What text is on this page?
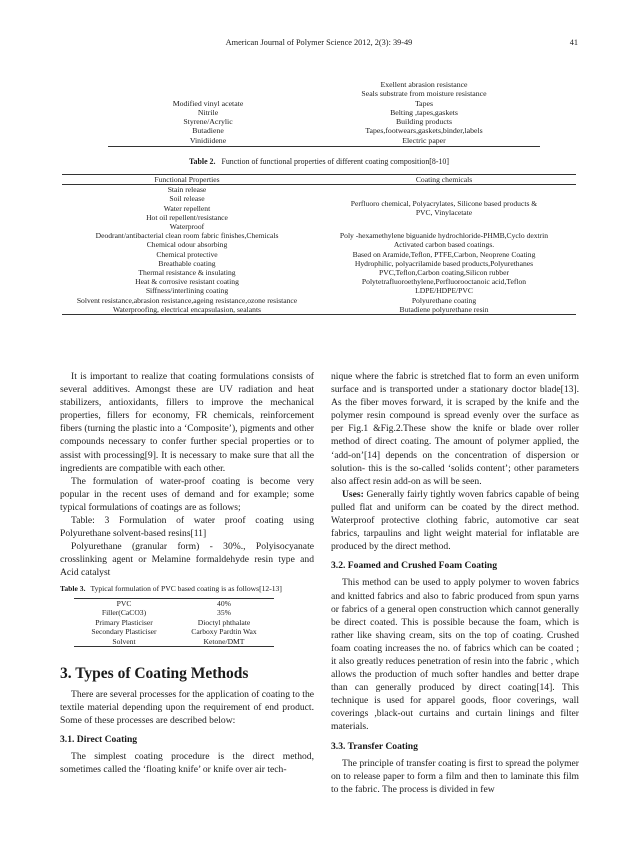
American Journal of Polymer Science 2012, 2(3): 39-49	41
Exellent abrasion resistance
Seals substrate from moisture resistance
Modified vinyl acetate	Tapes
Nitrile	Belting ,tapes,gaskets
Styrene/Acrylic	Building products
Butadiene	Tapes,footwears,gaskets,binder,labels
Vinidiidene	Electric paper
Table 2. Function of functional properties of different coating composition[8-10]
Functional Properties	Coating chemicals
Stain release
Soil release
Water repellent
Hot oil repellent/resistance
Waterproof
Perfluoro chemical, Polyacrylates, Silicone based products & PVC, Vinylacetate
Deodrant/antibacterial clean room fabric finishes,Chemicals	Poly -hexamethylene biguanide hydrochloride-PHMB,Cyclo dextrin
Chemical odour absorbing	Activated carbon based coatings.
Chemical protective	Based on Aramide,Teflon, PTFE,Carbon, Neoprene Coating
Breathable coating	Hydrophilic, polyacrilamide based products,Polyurethanes
Thermal resistance & insulating	PVC,Teflon,Carbon coating,Silicon rubber
Heat & corrosive resistant coating	Polytetrafluoroethylene,Perfluorooctanoic acid,Teflon
Siffness/interlining coating	LDPE/HDPE/PVC
Solvent resistance,abrasion resistance,ageing resistance,ozone resistance	Polyurethane coating
Waterproofing, electrical encapsulasion, sealants	Butadiene polyurethane resin

It is important to realize that coating formulations consists of several additives. Amongst these are UV radiation and heat stabilizers, antioxidants, fillers to improve the mechanical properties, fillers for economy, FR chemicals, reinforcement fibers (turning the plastic into a ‘Composite’), pigments and other compounds necessary to confer further special properties or to assist with processing[9]. It is necessary to make sure that all the ingredients are compatible with each other.

The formulation of water-proof coating is become very popular in the recent uses of demand and for example; some typical formulations of coatings are as follows;

Table: 3 Formulation of water proof coating using Polyurethane solvent-based resins[11]

Polyurethane (granular form) - 30%., Polyisocyanate crosslinking agent or Melamine formaldehyde resin type and Acid catalyst

Table 3. Typical formulation of PVC based coating is as follows[12-13]
PVC	40%
Filler(CaCO3)	35%
Primary Plasticiser	Dioctyl phthalate
Secondary Plasticiser	Carboxy Pardtin Wax
Solvent	Ketone/DMT
3. Types of Coating Methods

There are several processes for the application of coating to the textile material depending upon the requirement of end product. Some of these processes are described below:

3.1. Direct Coating

The simplest coating procedure is the direct method, sometimes called the ‘floating knife’ or knife over air tech-

nique where the fabric is stretched flat to form an even uniform surface and is transported under a stationary doctor blade[13]. As the fiber moves forward, it is scraped by the knife and the polymer resin compound is spread evenly over the surface as per Fig.1 &Fig.2.These show the knife or blade over roller method of direct coating. The amount of polymer applied, the ‘add-on’[14] depends on the concentration of dispersion or solution- this is the so-called ‘solids content’; other parameters also affect resin add-on as will be seen.

Uses: Generally fairly tightly woven fabrics capable of being pulled flat and uniform can be coated by the direct method. Waterproof protective clothing fabric, automotive car seat fabrics, tarpaulins and light weight material for inflatable are produced by the direct method.

3.2. Foamed and Crushed Foam Coating

This method can be used to apply polymer to woven fabrics and knitted fabrics and also to fabric produced from spun yarns or fabrics of a general open construction which cannot generally be direct coated. This is possible because the foam, which is rather like shaving cream, sits on the top of coating. Crushed foam coating increases the no. of fabrics which can be coated ; it also greatly reduces penetration of resin into the fabric , which allows the production of much softer handles and better drape than can generally produced by direct coating[14]. This technique is used for apparel goods, floor coverings, wall coverings ,black-out curtains and curtain linings and filter materials.

3.3. Transfer Coating

The principle of transfer coating is first to spread the polymer on to release paper to form a film and then to laminate this film to the fabric. The process is divided in few
